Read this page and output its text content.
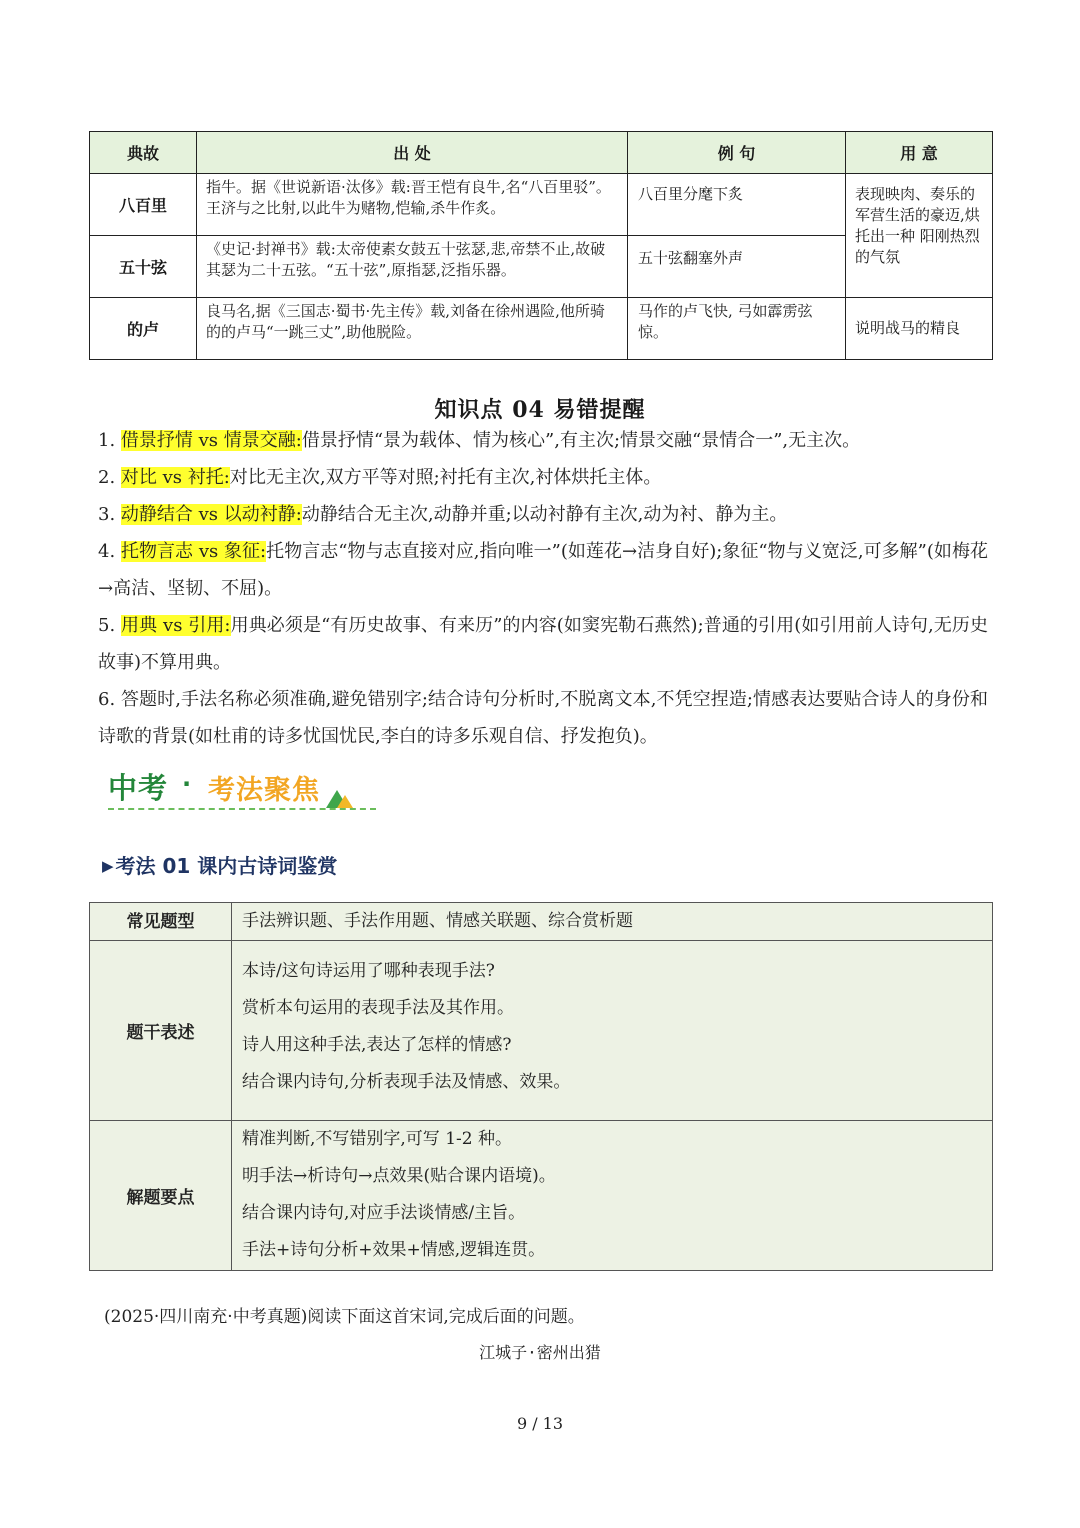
典故	出 处	例 句	用 意
八百里	指牛。据《世说新语·汰侈》载:晋王恺有良牛,名“八百里驳”。王济与之比射,以此牛为赌物,恺输,杀牛作炙。	八百里分麾下炙	表现映肉、奏乐的军营生活的豪迈,烘托出一种 阳刚热烈的气氛
五十弦	《史记·封禅书》载:太帝使素女鼓五十弦瑟,悲,帝禁不止,故破其瑟为二十五弦。“五十弦”,原指瑟,泛指乐器。	五十弦翻塞外声	
的卢	良马名,据《三国志·蜀书·先主传》载,刘备在徐州遇险,他所骑的的卢马“一跳三丈”,助他脱险。	马作的卢飞快, 弓如霹雳弦惊。	说明战马的精良
知识点 04 易错提醒

1. 借景抒情 vs 情景交融:借景抒情“景为载体、情为核心”,有主次;情景交融“景情合一”,无主次。

2. 对比 vs 衬托:对比无主次,双方平等对照;衬托有主次,衬体烘托主体。

3. 动静结合 vs 以动衬静:动静结合无主次,动静并重;以动衬静有主次,动为衬、静为主。

4. 托物言志 vs 象征:托物言志“物与志直接对应,指向唯一”(如莲花→洁身自好);象征“物与义宽泛,可多解”(如梅花→高洁、坚韧、不屈)。

5. 用典 vs 引用:用典必须是“有历史故事、有来历”的内容(如窦宪勒石燕然);普通的引用(如引用前人诗句,无历史故事)不算用典。

6. 答题时,手法名称必须准确,避免错别字;结合诗句分析时,不脱离文本,不凭空捏造;情感表达要贴合诗人的身份和诗歌的背景(如杜甫的诗多忧国忧民,李白的诗多乐观自信、抒发抱负)。

中考 · 考法聚焦
▶ 考法 01 课内古诗词鉴赏
常见题型	手法辨识题、手法作用题、情感关联题、综合赏析题
题干表述	本诗/这句诗运用了哪种表现手法?
赏析本句运用的表现手法及其作用。
诗人用这种手法,表达了怎样的情感?
结合课内诗句,分析表现手法及情感、效果。

解题要点	精准判断,不写错别字,可写 1-2 种。
明手法→析诗句→点效果(贴合课内语境)。
结合课内诗句,对应手法谈情感/主旨。
手法+诗句分析+效果+情感,逻辑连贯。
(2025·四川南充·中考真题)阅读下面这首宋词,完成后面的问题。
江城子·密州出猎
9 / 13
